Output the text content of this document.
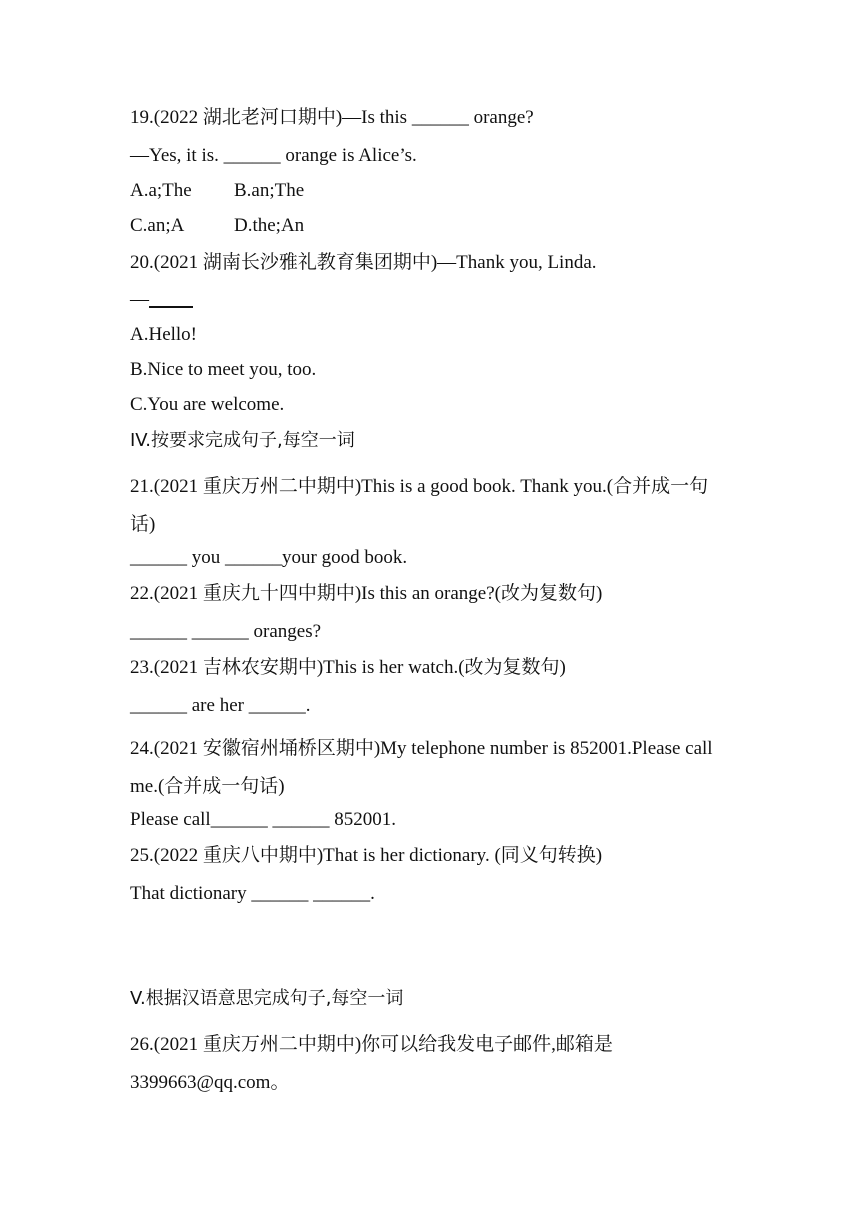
19.(2022 湖北老河口期中)—Is this ______ orange?
—Yes, it is. ______ orange is Alice’s.
A.a;The B.an;The
C.an;A	D.the;An
20.(2021 湖南长沙雅礼教育集团期中)—Thank you, Linda.
—
A.Hello!
B.Nice to meet you, too.
C.You are welcome.
IV.按要求完成句子,每空一词
21.(2021 重庆万州二中期中)This is a good book. Thank you.(合并成一句话)
______ you ______your good book.
22.(2021 重庆九十四中期中)Is this an orange?(改为复数句)
______ ______ oranges?
23.(2021 吉林农安期中)This is her watch.(改为复数句)
______ are her ______.
24.(2021 安徽宿州埇桥区期中)My telephone number is 852001.Please call me.(合并成一句话)
Please call______ ______ 852001.
25.(2022 重庆八中期中)That is her dictionary. (同义句转换)
That dictionary ______ ______.
V.根据汉语意思完成句子,每空一词
26.(2021 重庆万州二中期中)你可以给我发电子邮件,邮箱是3399663@qq.com。
